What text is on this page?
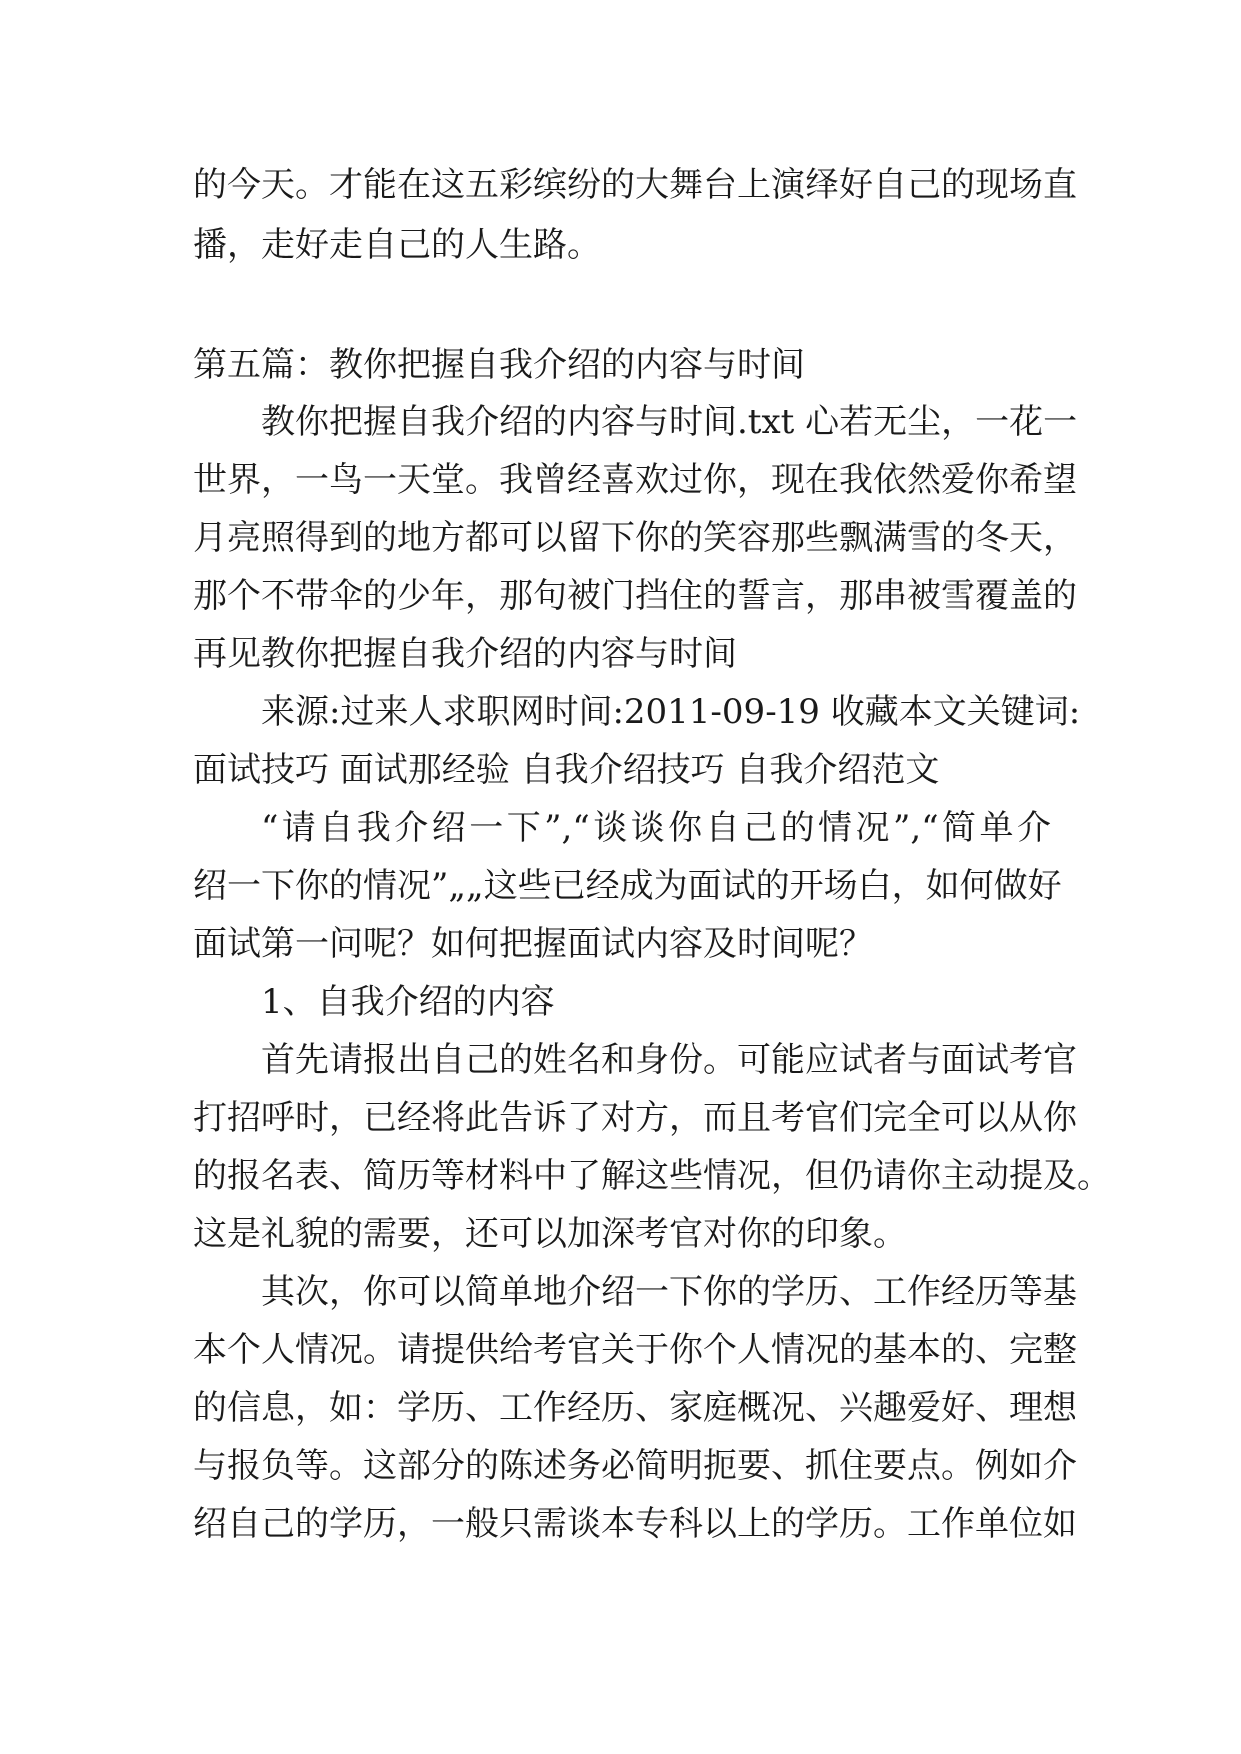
的今天。才能在这五彩缤纷的大舞台上演绎好自己的现场直
播，走好走自己的人生路。
第五篇：教你把握自我介绍的内容与时间
教你把握自我介绍的内容与时间.txt 心若无尘，一花一
世界，一鸟一天堂。我曾经喜欢过你，现在我依然爱你希望
月亮照得到的地方都可以留下你的笑容那些飘满雪的冬天，
那个不带伞的少年，那句被门挡住的誓言，那串被雪覆盖的
再见教你把握自我介绍的内容与时间
来源:过来人求职网时间:2011-09-19 收藏本文关键词:
面试技巧 面试那经验 自我介绍技巧 自我介绍范文
“请自我介绍一下”,“谈谈你自己的情况”,“简单介
绍一下你的情况”„„这些已经成为面试的开场白，如何做好
面试第一问呢？如何把握面试内容及时间呢？
1、自我介绍的内容
首先请报出自己的姓名和身份。可能应试者与面试考官
打招呼时，已经将此告诉了对方，而且考官们完全可以从你
的报名表、简历等材料中了解这些情况，但仍请你主动提及。
这是礼貌的需要，还可以加深考官对你的印象。
其次，你可以简单地介绍一下你的学历、工作经历等基
本个人情况。请提供给考官关于你个人情况的基本的、完整
的信息，如：学历、工作经历、家庭概况、兴趣爱好、理想
与报负等。这部分的陈述务必简明扼要、抓住要点。例如介
绍自己的学历，一般只需谈本专科以上的学历。工作单位如
